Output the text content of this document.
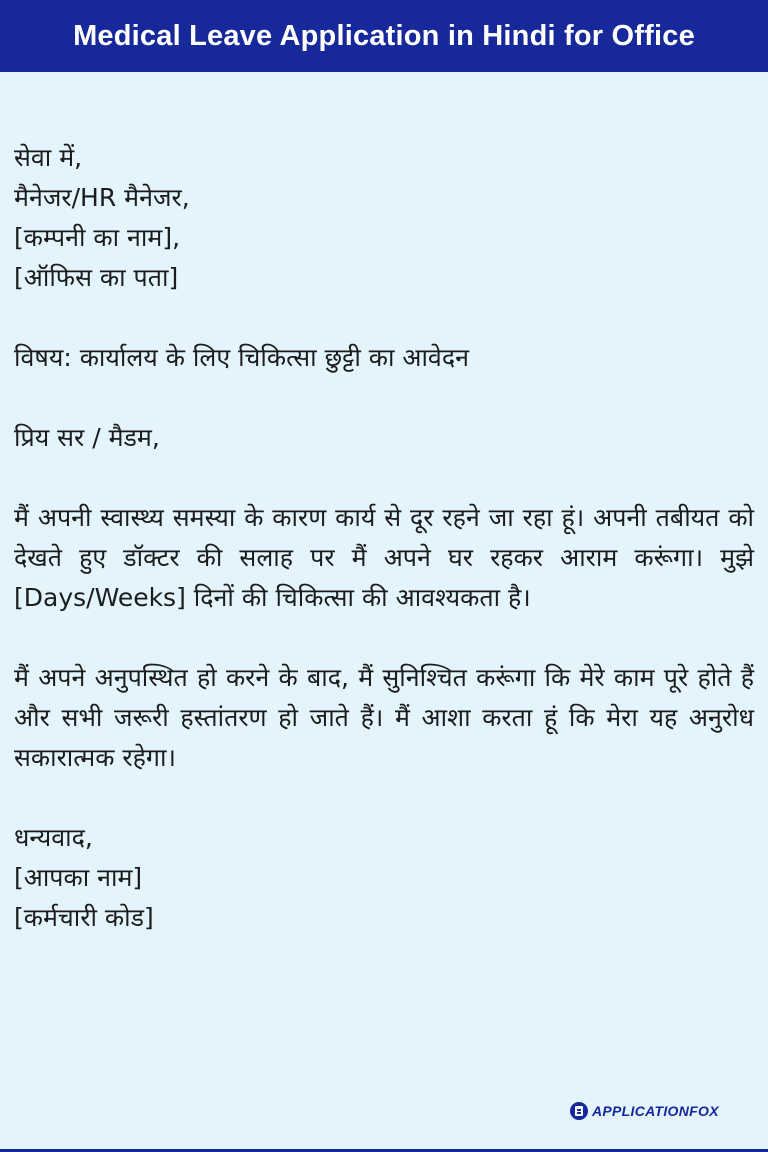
Medical Leave Application in Hindi for Office
सेवा में,
मैनेजर/HR मैनेजर,
[कम्पनी का नाम],
[ऑफिस का पता]
विषय: कार्यालय के लिए चिकित्सा छुट्टी का आवेदन
प्रिय सर / मैडम,
मैं अपनी स्वास्थ्य समस्या के कारण कार्य से दूर रहने जा रहा हूं। अपनी तबीयत को देखते हुए डॉक्टर की सलाह पर मैं अपने घर रहकर आराम करूंगा। मुझे [Days/Weeks] दिनों की चिकित्सा की आवश्यकता है।
मैं अपने अनुपस्थित हो करने के बाद, मैं सुनिश्चित करूंगा कि मेरे काम पूरे होते हैं और सभी जरूरी हस्तांतरण हो जाते हैं। मैं आशा करता हूं कि मेरा यह अनुरोध सकारात्मक रहेगा।
धन्यवाद,
[आपका नाम]
[कर्मचारी कोड]
APPLICATIONFOX
